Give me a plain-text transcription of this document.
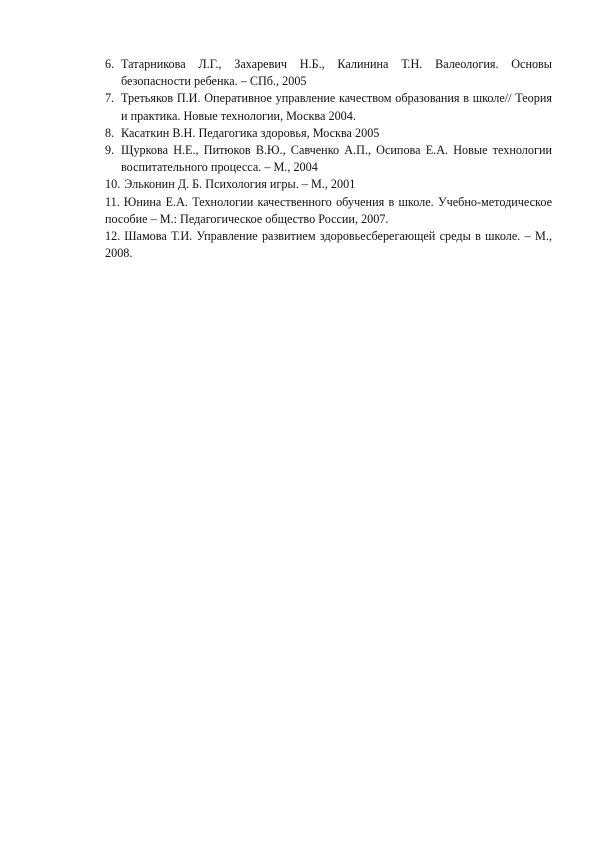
6. Татарникова Л.Г., Захаревич Н.Б., Калинина Т.Н. Валеология. Основы безопасности ребенка. – СПб., 2005
7. Третьяков П.И. Оперативное управление качеством образования в школе// Теория и практика. Новые технологии, Москва 2004.
8. Касаткин В.Н. Педагогика здоровья, Москва 2005
9. Щуркова Н.Е., Питюков В.Ю., Савченко А.П., Осипова Е.А. Новые технологии воспитательного процесса. – М., 2004
10. Эльконин Д. Б. Психология игры. – М., 2001
11. Юнина Е.А. Технологии качественного обучения в школе. Учебно-методическое пособие – М.: Педагогическое общество России, 2007.
12. Шамова Т.И. Управление развитием здоровьесберегающей среды в школе. – М., 2008.
